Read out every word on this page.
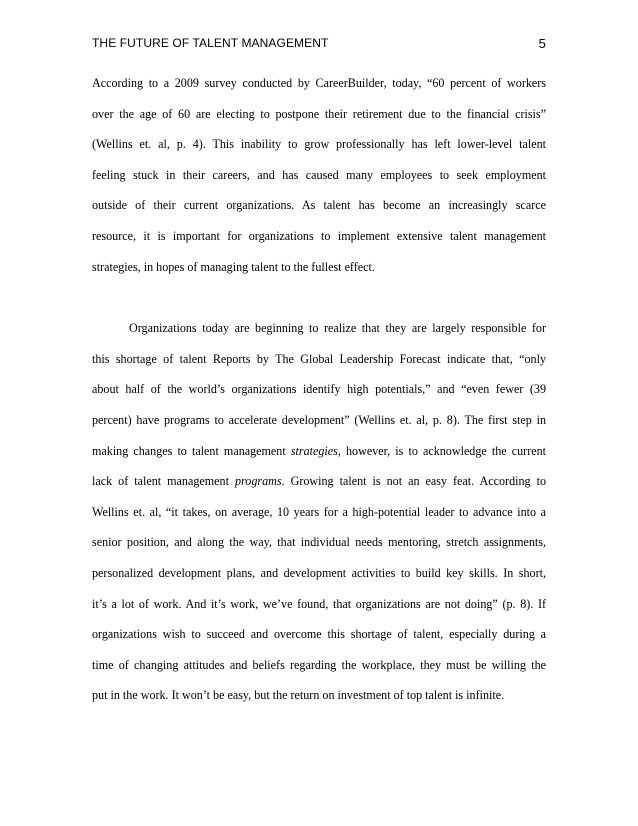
THE FUTURE OF TALENT MANAGEMENT	5

According to a 2009 survey conducted by CareerBuilder, today, “60 percent of workers
over the age of 60 are electing to postpone their retirement due to the financial crisis”
(Wellins et. al, p. 4). This inability to grow professionally has left lower-level talent
feeling stuck in their careers, and has caused many employees to seek employment
outside of their current organizations. As talent has become an increasingly scarce
resource, it is important for organizations to implement extensive talent management
strategies, in hopes of managing talent to the fullest effect.

Organizations today are beginning to realize that they are largely responsible for
this shortage of talent Reports by The Global Leadership Forecast indicate that, “only
about half of the world’s organizations identify high potentials,” and “even fewer (39
percent) have programs to accelerate development” (Wellins et. al, p. 8). The first step in
making changes to talent management strategies, however, is to acknowledge the current
lack of talent management programs. Growing talent is not an easy feat. According to
Wellins et. al, “it takes, on average, 10 years for a high-potential leader to advance into a
senior position, and along the way, that individual needs mentoring, stretch assignments,
personalized development plans, and development activities to build key skills. In short,
it’s a lot of work. And it’s work, we’ve found, that organizations are not doing” (p. 8). If
organizations wish to succeed and overcome this shortage of talent, especially during a
time of changing attitudes and beliefs regarding the workplace, they must be willing the
put in the work. It won’t be easy, but the return on investment of top talent is infinite.
